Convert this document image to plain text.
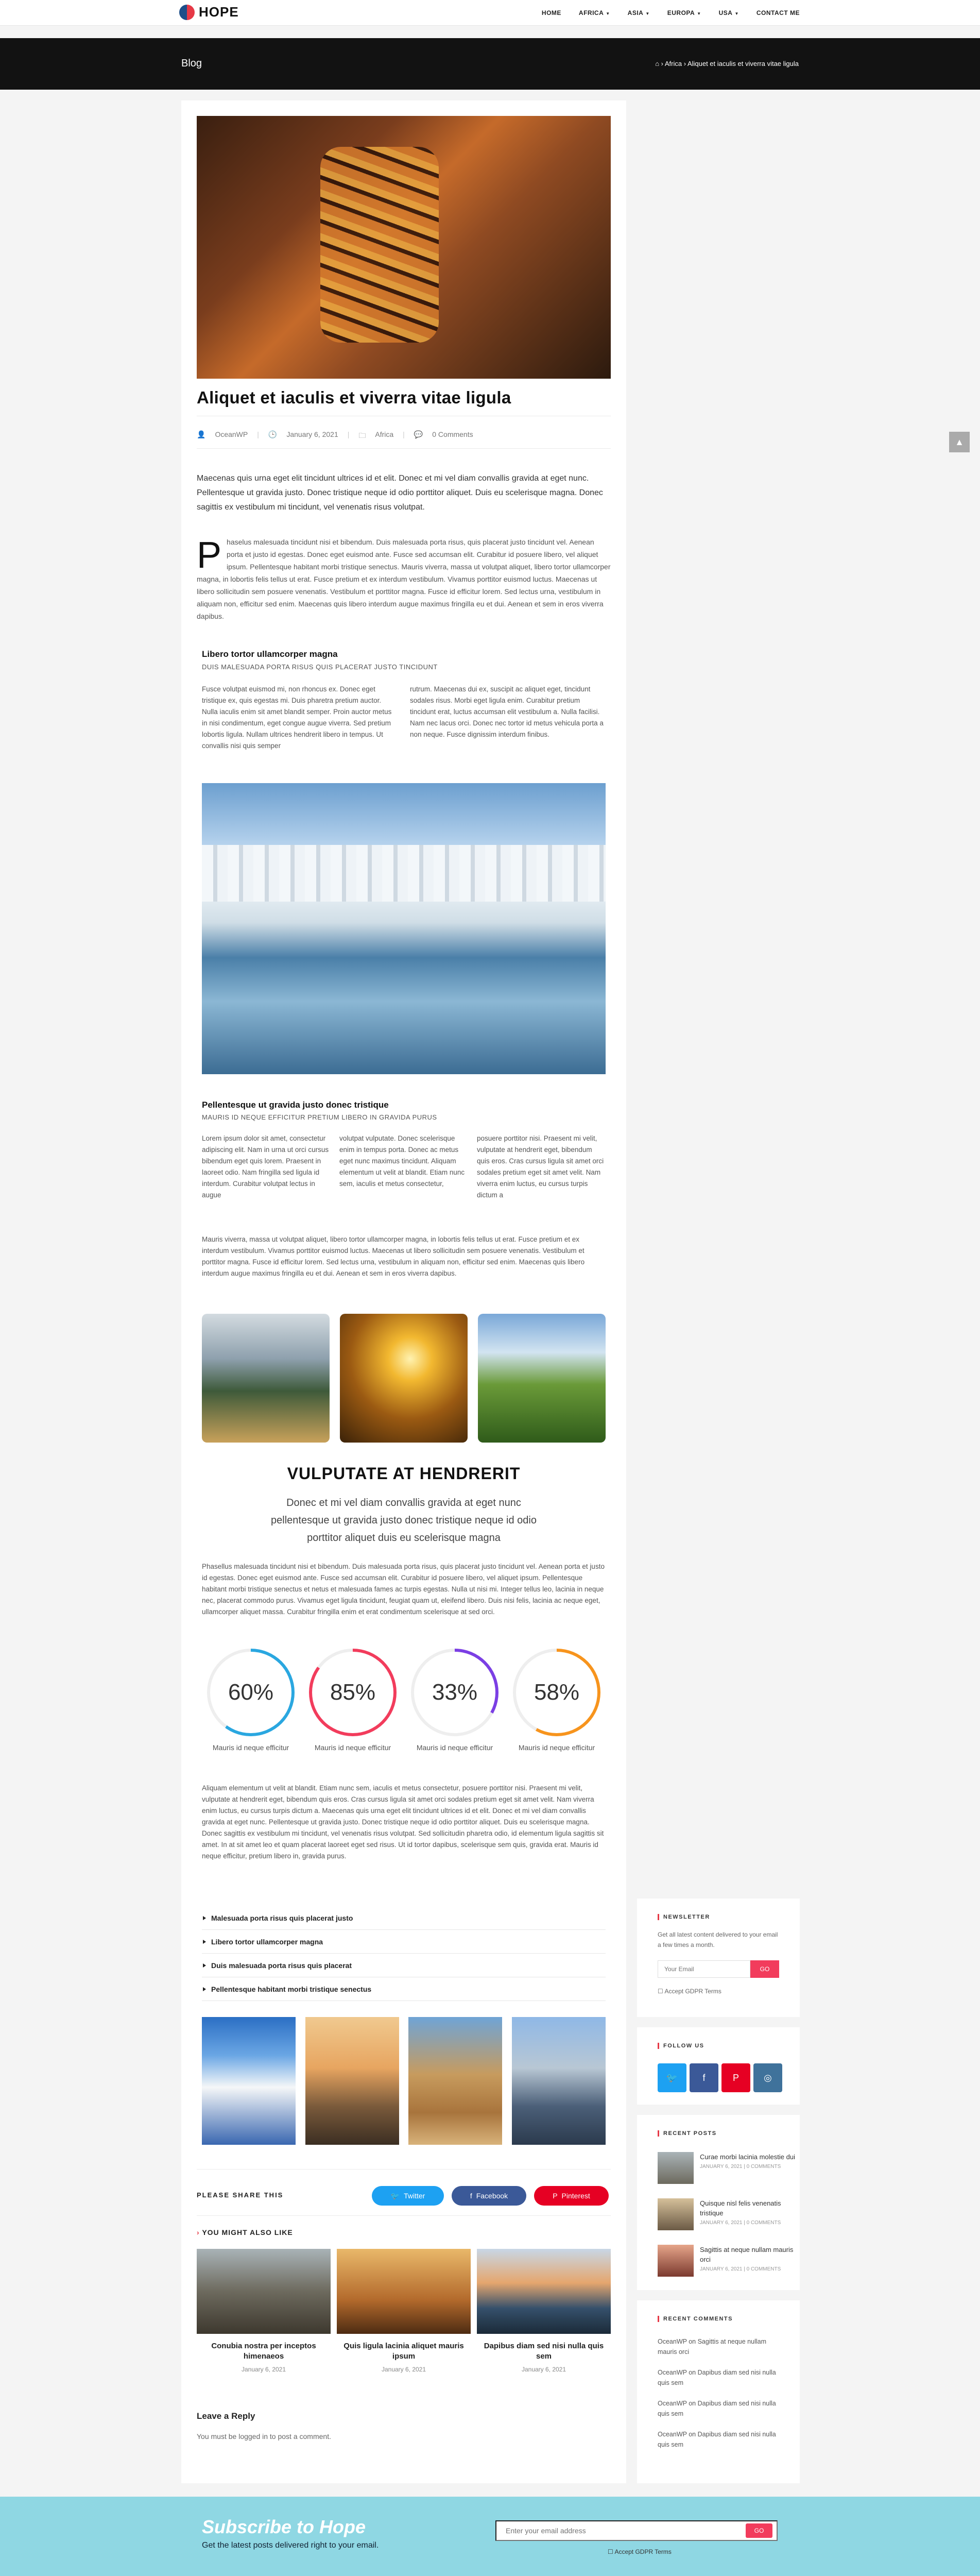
HOPE	HOME	AFRICA ▼	ASIA ▼	EUROPA ▼	USA ▼	CONTACT ME
Blog	⌂ › Africa › Aliquet et iaculis et viverra vitae ligula
Aliquet et iaculis et viverra vitae ligula
👤 OceanWP | 🕒 January 6, 2021 | 🗀 Africa | 💬 0 Comments

Maecenas quis urna eget elit tincidunt ultrices id et elit. Donec et mi vel diam convallis gravida at eget nunc. Pellentesque ut gravida justo. Donec tristique neque id odio porttitor aliquet. Duis eu scelerisque magna. Donec sagittis ex vestibulum mi tincidunt, vel venenatis risus volutpat.

Phaselus malesuada tincidunt nisi et bibendum. Duis malesuada porta risus, quis placerat justo tincidunt vel. Aenean porta et justo id egestas. Donec eget euismod ante. Fusce sed accumsan elit. Curabitur id posuere libero, vel aliquet ipsum. Pellentesque habitant morbi tristique senectus. Mauris viverra, massa ut volutpat aliquet, libero tortor ullamcorper magna, in lobortis felis tellus ut erat. Fusce pretium et ex interdum vestibulum. Vivamus porttitor euismod luctus. Maecenas ut libero sollicitudin sem posuere venenatis. Vestibulum et porttitor magna. Fusce id efficitur lorem. Sed lectus urna, vestibulum in aliquam non, efficitur sed enim. Maecenas quis libero interdum augue maximus fringilla eu et dui. Aenean et sem in eros viverra dapibus.
Libero tortor ullamcorper magna
DUIS MALESUADA PORTA RISUS QUIS PLACERAT JUSTO TINCIDUNT
Fusce volutpat euismod mi, non rhoncus ex. Donec eget tristique ex, quis egestas mi. Duis pharetra pretium auctor. Nulla iaculis enim sit amet blandit semper. Proin auctor metus in nisi condimentum, eget congue augue viverra. Sed pretium lobortis ligula. Nullam ultrices hendrerit libero in tempus. Ut convallis nisi quis semper
rutrum. Maecenas dui ex, suscipit ac aliquet eget, tincidunt sodales risus. Morbi eget ligula enim. Curabitur pretium tincidunt erat, luctus accumsan elit vestibulum a. Nulla facilisi. Nam nec lacus orci. Donec nec tortor id metus vehicula porta a non neque. Fusce dignissim interdum finibus.
Pellentesque ut gravida justo donec tristique
MAURIS ID NEQUE EFFICITUR PRETIUM LIBERO IN GRAVIDA PURUS
Lorem ipsum dolor sit amet, consectetur adipiscing elit. Nam in urna ut orci cursus bibendum eget quis lorem. Praesent in laoreet odio. Nam fringilla sed ligula id interdum. Curabitur volutpat lectus in augue
volutpat vulputate. Donec scelerisque enim in tempus porta. Donec ac metus eget nunc maximus tincidunt. Aliquam elementum ut velit at blandit. Etiam nunc sem, iaculis et metus consectetur,
posuere porttitor nisi. Praesent mi velit, vulputate at hendrerit eget, bibendum quis eros. Cras cursus ligula sit amet orci sodales pretium eget sit amet velit. Nam viverra enim luctus, eu cursus turpis dictum a
Mauris viverra, massa ut volutpat aliquet, libero tortor ullamcorper magna, in lobortis felis tellus ut erat. Fusce pretium et ex interdum vestibulum. Vivamus porttitor euismod luctus. Maecenas ut libero sollicitudin sem posuere venenatis. Vestibulum et porttitor magna. Fusce id efficitur lorem. Sed lectus urna, vestibulum in aliquam non, efficitur sed enim. Maecenas quis libero interdum augue maximus fringilla eu et dui. Aenean et sem in eros viverra dapibus.
VULPUTATE AT HENDRERIT
Donec et mi vel diam convallis gravida at eget nunc pellentesque ut gravida justo donec tristique neque id odio porttitor aliquet duis eu scelerisque magna
Phasellus malesuada tincidunt nisi et bibendum. Duis malesuada porta risus, quis placerat justo tincidunt vel. Aenean porta et justo id egestas. Donec eget euismod ante. Fusce sed accumsan elit. Curabitur id posuere libero, vel aliquet ipsum. Pellentesque habitant morbi tristique senectus et netus et malesuada fames ac turpis egestas. Nulla ut nisi mi. Integer tellus leo, lacinia in neque nec, placerat commodo purus. Vivamus eget ligula tincidunt, feugiat quam ut, eleifend libero. Duis nisi felis, lacinia ac neque eget, ullamcorper aliquet massa. Curabitur fringilla enim et erat condimentum scelerisque at sed orci.
60%
Mauris id neque efficitur
85%
Mauris id neque efficitur
33%
Mauris id neque efficitur
58%
Mauris id neque efficitur
Aliquam elementum ut velit at blandit. Etiam nunc sem, iaculis et metus consectetur, posuere porttitor nisi. Praesent mi velit, vulputate at hendrerit eget, bibendum quis eros. Cras cursus ligula sit amet orci sodales pretium eget sit amet velit. Nam viverra enim luctus, eu cursus turpis dictum a. Maecenas quis urna eget elit tincidunt ultrices id et elit. Donec et mi vel diam convallis gravida at eget nunc. Pellentesque ut gravida justo. Donec tristique neque id odio porttitor aliquet. Duis eu scelerisque magna. Donec sagittis ex vestibulum mi tincidunt, vel venenatis risus volutpat. Sed sollicitudin pharetra odio, id elementum ligula sagittis sit amet. In at sit amet leo et quam placerat laoreet eget sed risus. Ut id tortor dapibus, scelerisque sem quis, gravida erat. Mauris id neque efficitur, pretium libero in, gravida purus.
Malesuada porta risus quis placerat justo
Libero tortor ullamcorper magna
Duis malesuada porta risus quis placerat
Pellentesque habitant morbi tristique senectus
PLEASE SHARE THIS	🐦 Twitter	f Facebook	P Pinterest
› YOU MIGHT ALSO LIKE
Conubia nostra per inceptos himenaeos
January 6, 2021
Quis ligula lacinia aliquet mauris ipsum
January 6, 2021
Dapibus diam sed nisi nulla quis sem
January 6, 2021
Leave a Reply
You must be logged in to post a comment.
▲
NEWSLETTER
Get all latest content delivered to your email a few times a month.
Your Email
GO
☐ Accept GDPR Terms
FOLLOW US
🐦	f	P	◎
RECENT POSTS
Curae morbi lacinia molestie dui
JANUARY 6, 2021 | 0 COMMENTS
Quisque nisl felis venenatis tristique
JANUARY 6, 2021 | 0 COMMENTS
Sagittis at neque nullam mauris orci
JANUARY 6, 2021 | 0 COMMENTS
RECENT COMMENTS
OceanWP on Sagittis at neque nullam mauris orci
OceanWP on Dapibus diam sed nisi nulla quis sem
OceanWP on Dapibus diam sed nisi nulla quis sem
OceanWP on Dapibus diam sed nisi nulla quis sem
Subscribe to Hope
Get the latest posts delivered right to your email.
Enter your email address
GO
☐ Accept GDPR Terms
